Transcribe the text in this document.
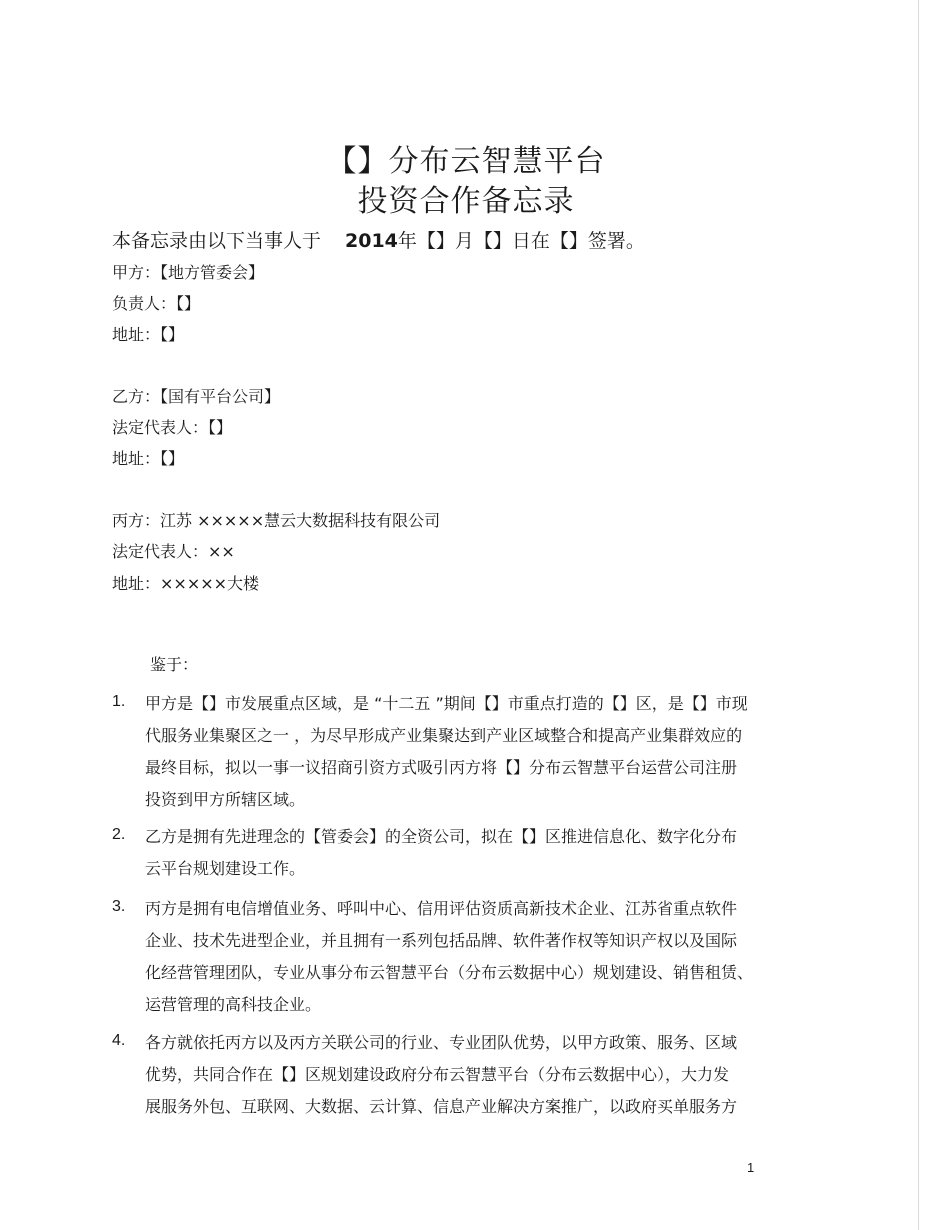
【】分布云智慧平台
投资合作备忘录
本备忘录由以下当事人于 2014年【】月【】日在【】签署。
甲方：【地方管委会】
负责人：【】
地址：【】
乙方：【国有平台公司】
法定代表人：【】
地址：【】
丙方：江苏 ×××××慧云大数据科技有限公司
法定代表人：××
地址：×××××大楼
鉴于：
1. 甲方是【】市发展重点区域，是 “十二五 ”期间【】市重点打造的【】区，是【】市现
代服务业集聚区之一 ，为尽早形成产业集聚达到产业区域整合和提高产业集群效应的
最终目标，拟以一事一议招商引资方式吸引丙方将【】分布云智慧平台运营公司注册
投资到甲方所辖区域。
2. 乙方是拥有先进理念的【管委会】的全资公司，拟在【】区推进信息化、数字化分布
云平台规划建设工作。
3. 丙方是拥有电信增值业务、呼叫中心、信用评估资质高新技术企业、江苏省重点软件
企业、技术先进型企业，并且拥有一系列包括品牌、软件著作权等知识产权以及国际
化经营管理团队，专业从事分布云智慧平台（分布云数据中心）规划建设、销售租赁、
运营管理的高科技企业。
4. 各方就依托丙方以及丙方关联公司的行业、专业团队优势，以甲方政策、服务、区域
优势，共同合作在【】区规划建设政府分布云智慧平台（分布云数据中心），大力发
展服务外包、互联网、大数据、云计算、信息产业解决方案推广，以政府买单服务方
1
